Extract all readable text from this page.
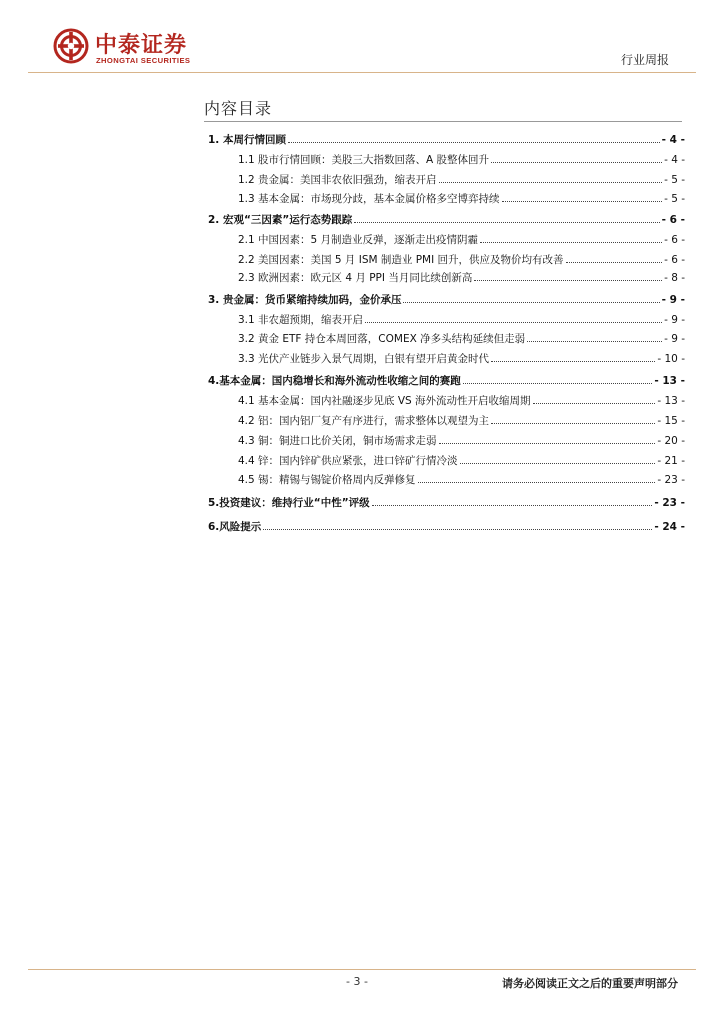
中泰证券
ZHONGTAI SECURITIES	行业周报
内容目录
1. 本周行情回顾	- 4 -
1.1 股市行情回顾：美股三大指数回落、A 股整体回升	- 4 -
1.2 贵金属：美国非农依旧强劲，缩表开启	- 5 -
1.3 基本金属：市场现分歧，基本金属价格多空博弈持续	- 5 -
2. 宏观“三因素”运行态势跟踪	- 6 -
2.1 中国因素：5 月制造业反弹，逐渐走出疫情阴霾	- 6 -
2.2 美国因素：美国 5 月 ISM 制造业 PMI 回升，供应及物价均有改善	- 6 -
2.3 欧洲因素：欧元区 4 月 PPI 当月同比续创新高	- 8 -
3. 贵金属：货币紧缩持续加码，金价承压	- 9 -
3.1 非农超预期，缩表开启	- 9 -
3.2 黄金 ETF 持仓本周回落，COMEX 净多头结构延续但走弱	- 9 -
3.3 光伏产业链步入景气周期，白银有望开启黄金时代	- 10 -
4.基本金属：国内稳增长和海外流动性收缩之间的赛跑	- 13 -
4.1 基本金属：国内社融逐步见底 VS 海外流动性开启收缩周期	- 13 -
4.2 铝：国内铝厂复产有序进行，需求整体以观望为主	- 15 -
4.3 铜：铜进口比价关闭，铜市场需求走弱	- 20 -
4.4 锌：国内锌矿供应紧张，进口锌矿行情冷淡	- 21 -
4.5 锡：精锡与锡锭价格周内反弹修复	- 23 -
5.投资建议：维持行业“中性”评级	- 23 -
6.风险提示	- 24 -
- 3 -	请务必阅读正文之后的重要声明部分
